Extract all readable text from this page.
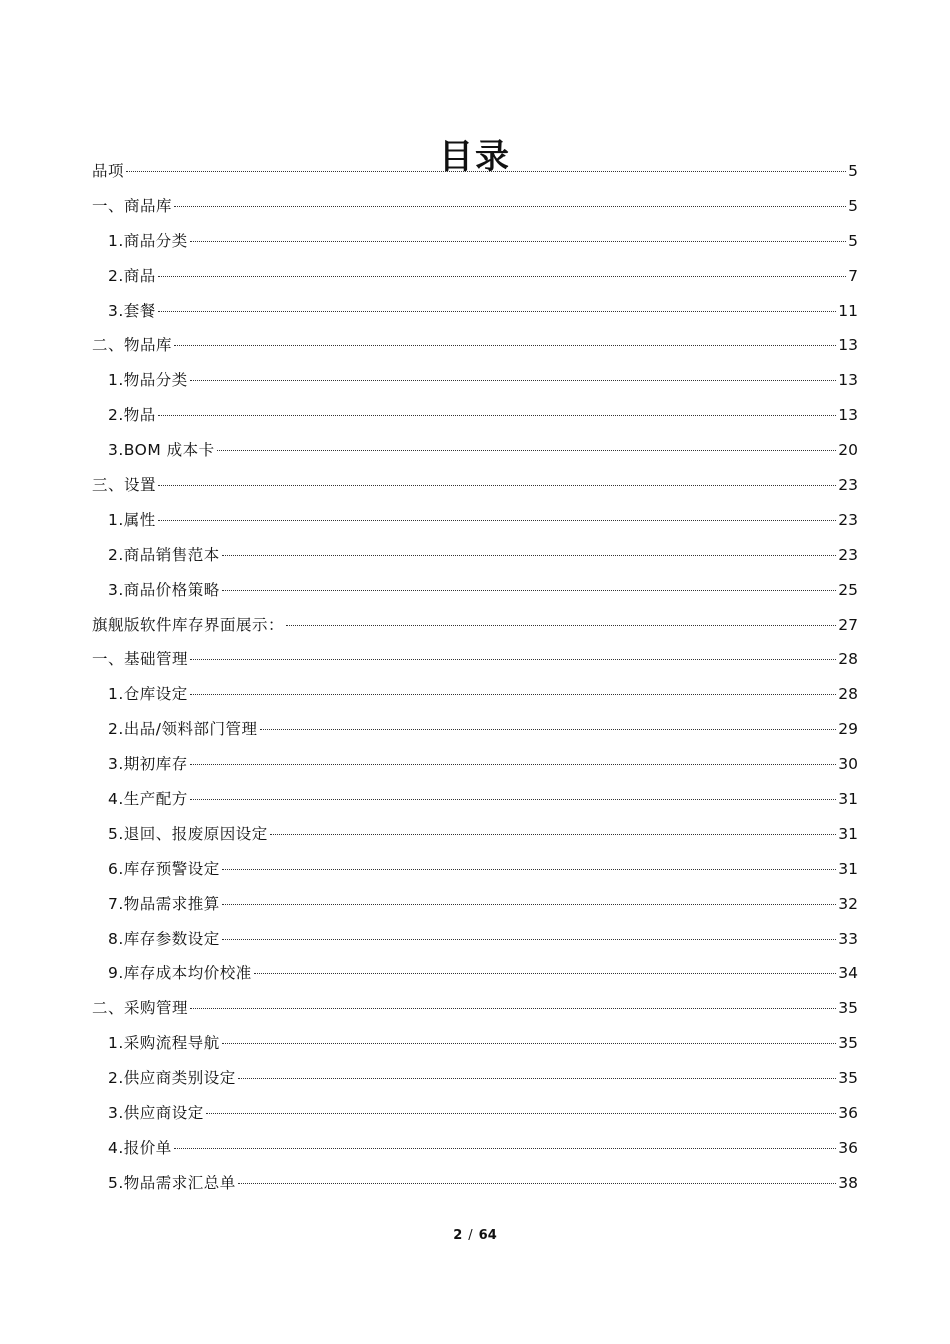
目录
品项	5
一、商品库	5
1.商品分类	5
2.商品	7
3.套餐	11
二、物品库	13
1.物品分类	13
2.物品	13
3.BOM 成本卡	20
三、设置	23
1.属性	23
2.商品销售范本	23
3.商品价格策略	25
旗舰版软件库存界面展示：	27
一、基础管理	28
1.仓库设定	28
2.出品/领料部门管理	29
3.期初库存	30
4.生产配方	31
5.退回、报废原因设定	31
6.库存预警设定	31
7.物品需求推算	32
8.库存参数设定	33
9.库存成本均价校准	34
二、采购管理	35
1.采购流程导航	35
2.供应商类别设定	35
3.供应商设定	36
4.报价单	36
5.物品需求汇总单	38
2 / 64
